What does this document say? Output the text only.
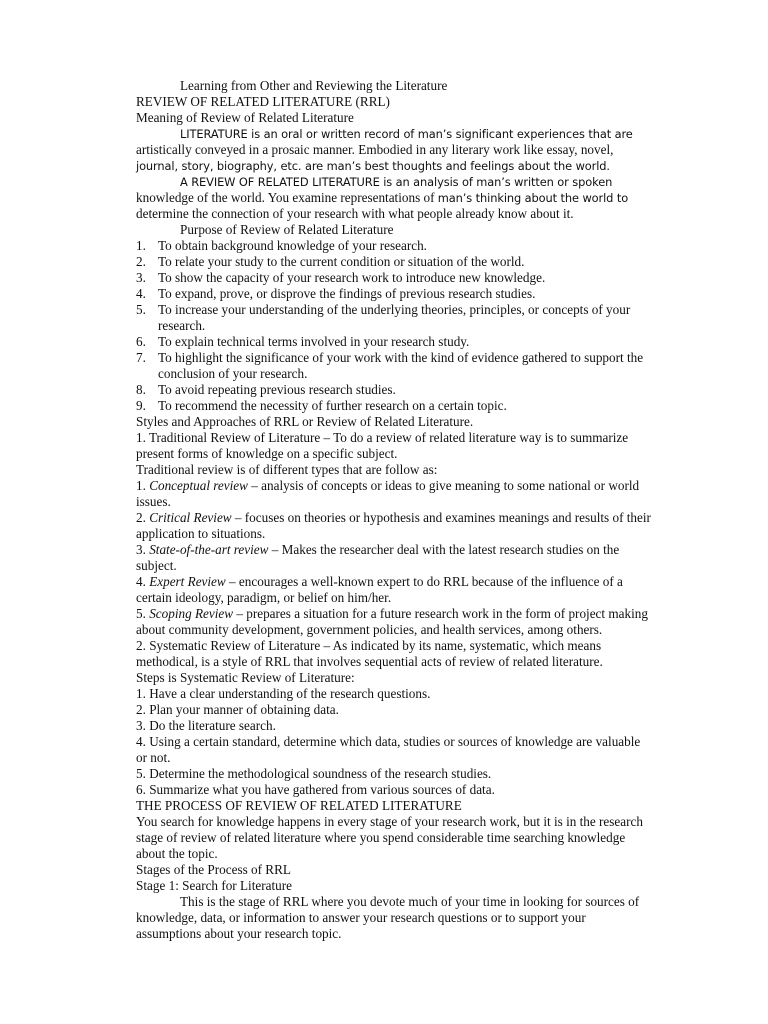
Learning from Other and Reviewing the Literature
REVIEW OF RELATED LITERATURE (RRL)
Meaning of Review of Related Literature
LITERATURE is an oral or written record of man’s significant experiences that are
artistically conveyed in a prosaic manner. Embodied in any literary work like essay, novel,
journal, story, biography, etc. are man’s best thoughts and feelings about the world.
A REVIEW OF RELATED LITERATURE is an analysis of man’s written or spoken
knowledge of the world. You examine representations of man’s thinking about the world to
determine the connection of your research with what people already know about it.
Purpose of Review of Related Literature
1. To obtain background knowledge of your research.
2. To relate your study to the current condition or situation of the world.
3. To show the capacity of your research work to introduce new knowledge.
4. To expand, prove, or disprove the findings of previous research studies.
5. To increase your understanding of the underlying theories, principles, or concepts of your
research.
6. To explain technical terms involved in your research study.
7. To highlight the significance of your work with the kind of evidence gathered to support the
conclusion of your research.
8. To avoid repeating previous research studies.
9. To recommend the necessity of further research on a certain topic.
Styles and Approaches of RRL or Review of Related Literature.
1. Traditional Review of Literature – To do a review of related literature way is to summarize
present forms of knowledge on a specific subject.
Traditional review is of different types that are follow as:
1. Conceptual review – analysis of concepts or ideas to give meaning to some national or world
issues.
2. Critical Review – focuses on theories or hypothesis and examines meanings and results of their
application to situations.
3. State-of-the-art review – Makes the researcher deal with the latest research studies on the
subject.
4. Expert Review – encourages a well-known expert to do RRL because of the influence of a
certain ideology, paradigm, or belief on him/her.
5. Scoping Review – prepares a situation for a future research work in the form of project making
about community development, government policies, and health services, among others.
2. Systematic Review of Literature – As indicated by its name, systematic, which means
methodical, is a style of RRL that involves sequential acts of review of related literature.
Steps is Systematic Review of Literature:
1. Have a clear understanding of the research questions.
2. Plan your manner of obtaining data.
3. Do the literature search.
4. Using a certain standard, determine which data, studies or sources of knowledge are valuable
or not.
5. Determine the methodological soundness of the research studies.
6. Summarize what you have gathered from various sources of data.
THE PROCESS OF REVIEW OF RELATED LITERATURE
You search for knowledge happens in every stage of your research work, but it is in the research
stage of review of related literature where you spend considerable time searching knowledge
about the topic.
Stages of the Process of RRL
Stage 1: Search for Literature
This is the stage of RRL where you devote much of your time in looking for sources of
knowledge, data, or information to answer your research questions or to support your
assumptions about your research topic.
